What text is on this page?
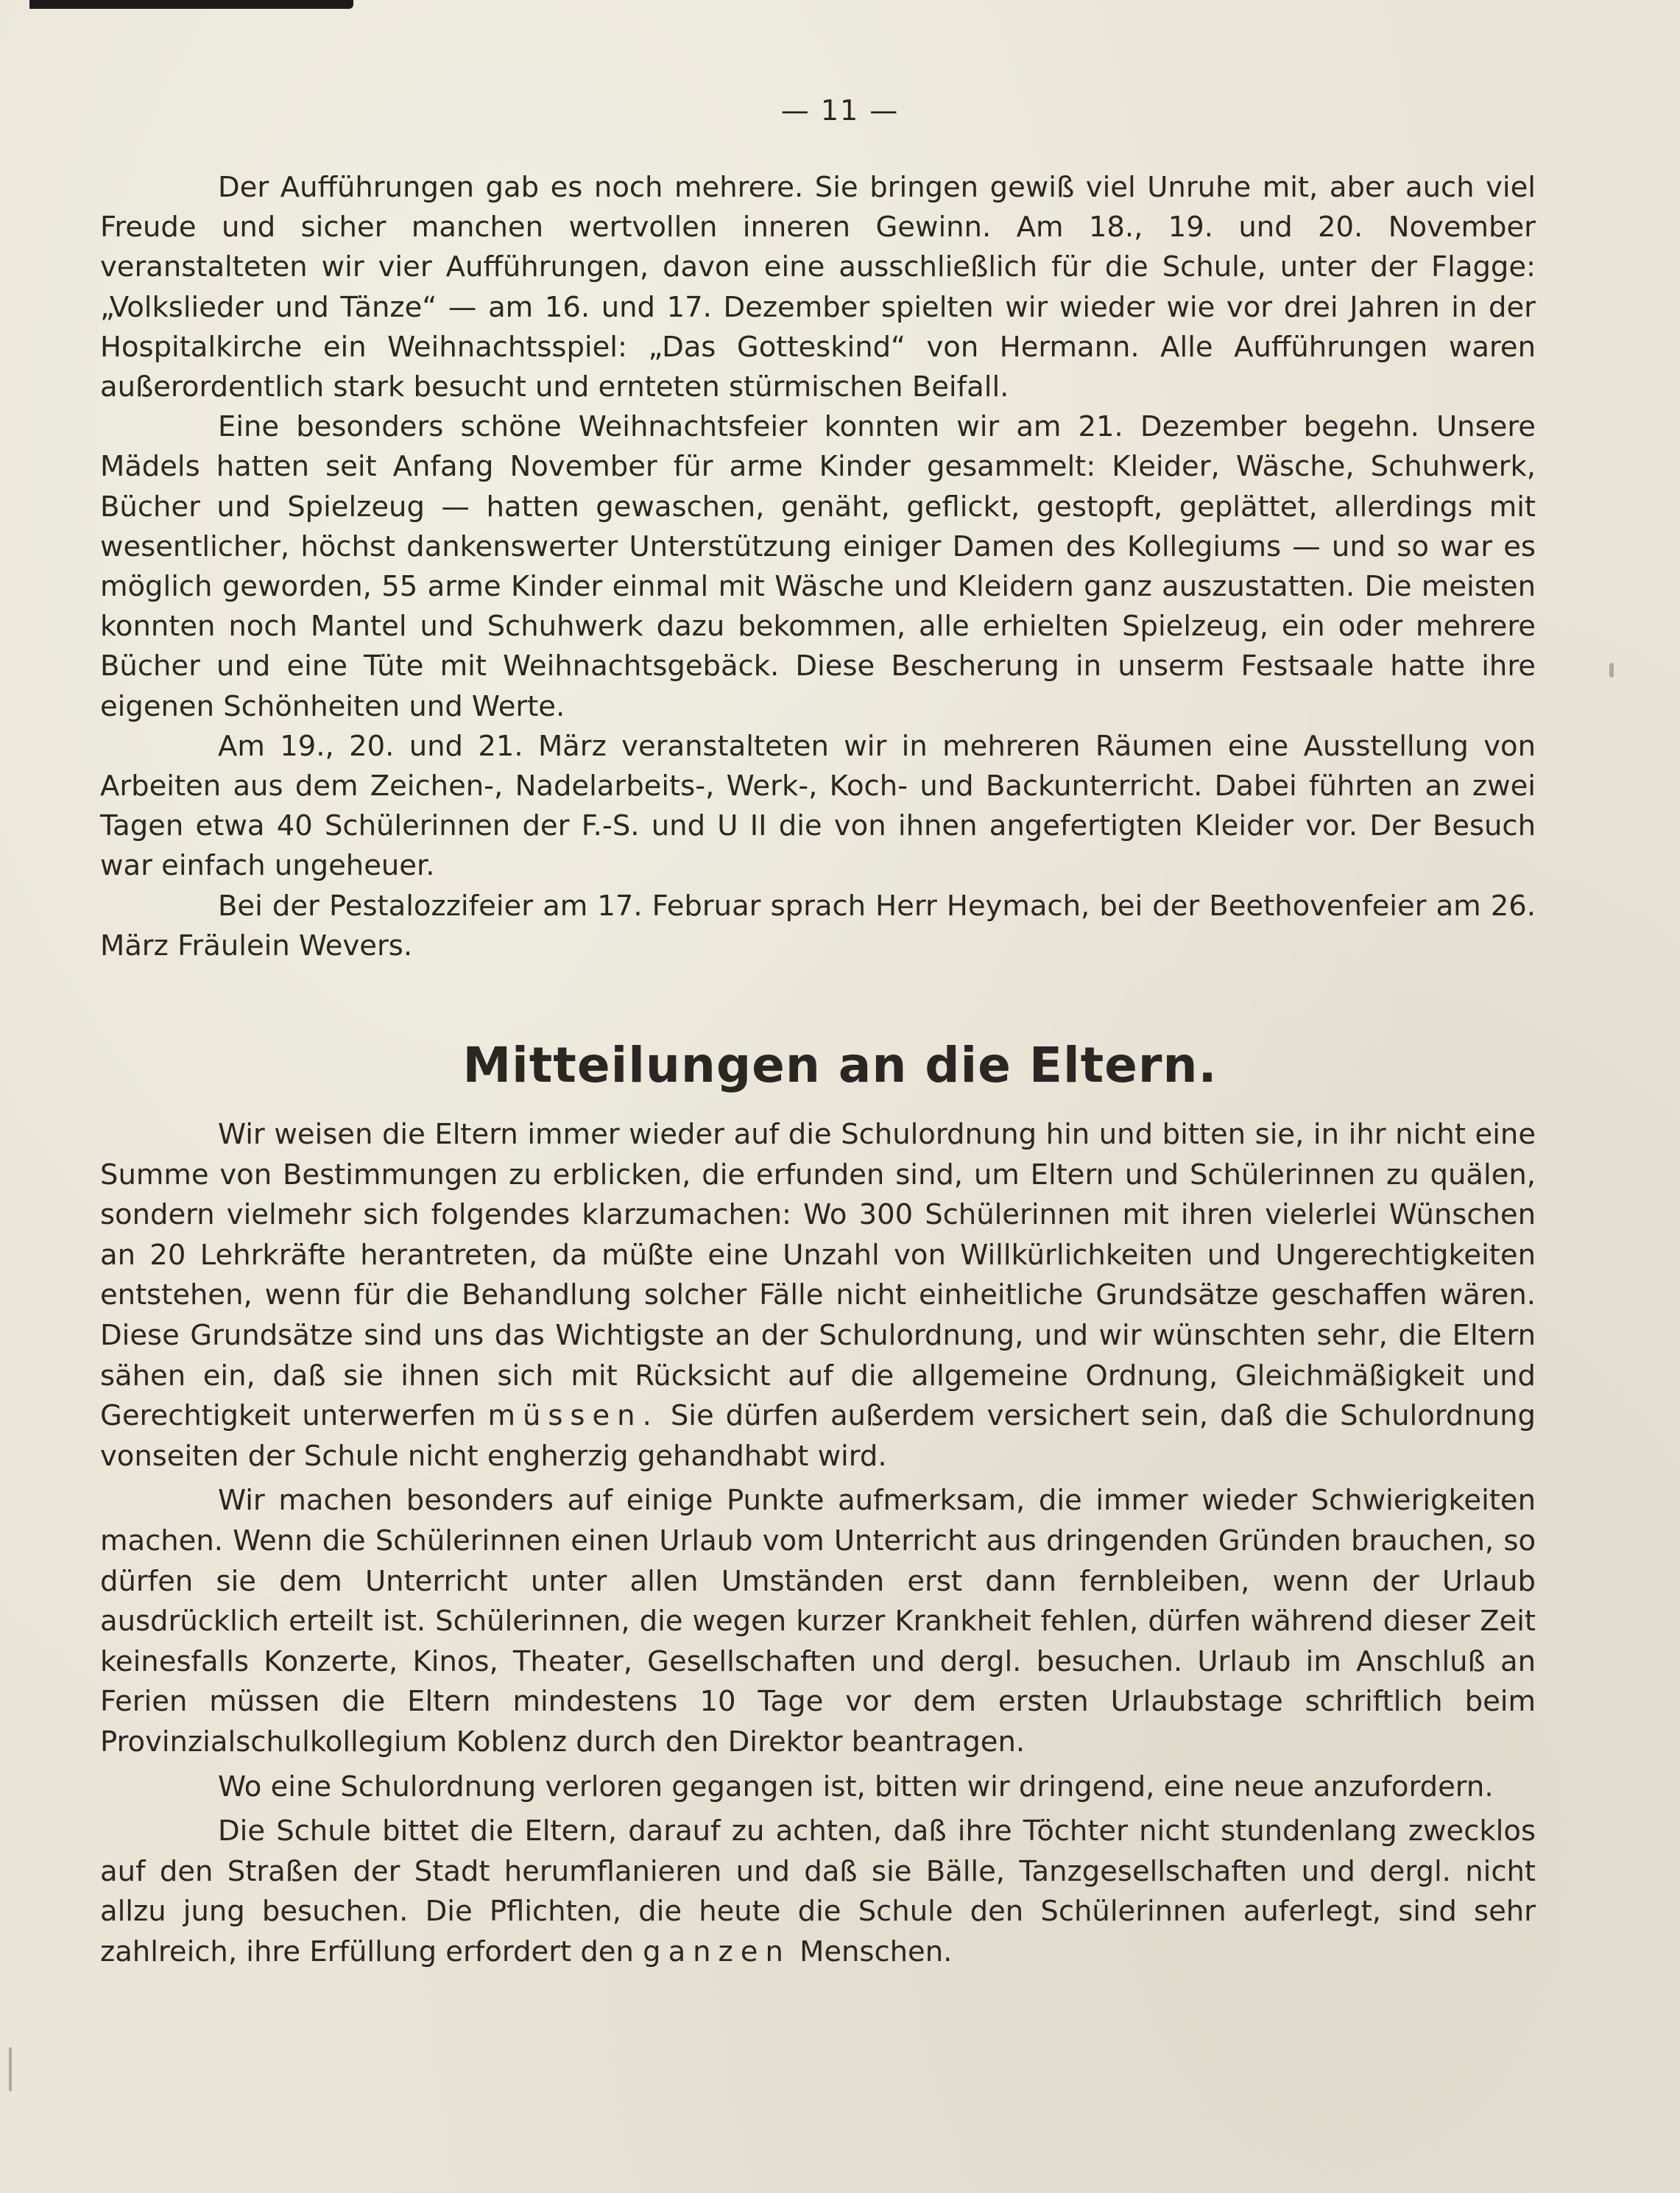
— 11 —

Der Aufführungen gab es noch mehrere. Sie bringen gewiß viel Unruhe mit, aber auch viel Freude und sicher manchen wertvollen inneren Gewinn. Am 18., 19. und 20. November veranstalteten wir vier Aufführungen, davon eine ausschließlich für die Schule, unter der Flagge: „Volkslieder und Tänze“ — am 16. und 17. Dezember spielten wir wieder wie vor drei Jahren in der Hospitalkirche ein Weihnachtsspiel: „Das Gotteskind“ von Hermann. Alle Aufführungen waren außerordentlich stark besucht und ernteten stürmischen Beifall.

Eine besonders schöne Weihnachtsfeier konnten wir am 21. Dezember begehn. Unsere Mädels hatten seit Anfang November für arme Kinder gesammelt: Kleider, Wäsche, Schuhwerk, Bücher und Spielzeug — hatten gewaschen, genäht, geflickt, gestopft, geplättet, allerdings mit wesentlicher, höchst dankenswerter Unterstützung einiger Damen des Kollegiums — und so war es möglich geworden, 55 arme Kinder einmal mit Wäsche und Kleidern ganz auszustatten. Die meisten konnten noch Mantel und Schuhwerk dazu bekommen, alle erhielten Spielzeug, ein oder mehrere Bücher und eine Tüte mit Weihnachtsgebäck. Diese Bescherung in unserm Festsaale hatte ihre eigenen Schönheiten und Werte.

Am 19., 20. und 21. März veranstalteten wir in mehreren Räumen eine Ausstellung von Arbeiten aus dem Zeichen-, Nadelarbeits-, Werk-, Koch- und Backunterricht. Dabei führten an zwei Tagen etwa 40 Schülerinnen der F.-S. und U II die von ihnen angefertigten Kleider vor. Der Besuch war einfach ungeheuer.

Bei der Pestalozzifeier am 17. Februar sprach Herr Heymach, bei der Beethovenfeier am 26. März Fräulein Wevers.

Mitteilungen an die Eltern.

Wir weisen die Eltern immer wieder auf die Schulordnung hin und bitten sie, in ihr nicht eine Summe von Bestimmungen zu erblicken, die erfunden sind, um Eltern und Schülerinnen zu quälen, sondern vielmehr sich folgendes klarzumachen: Wo 300 Schülerinnen mit ihren vielerlei Wünschen an 20 Lehrkräfte herantreten, da müßte eine Unzahl von Willkürlichkeiten und Ungerechtigkeiten entstehen, wenn für die Behandlung solcher Fälle nicht einheitliche Grundsätze geschaffen wären. Diese Grundsätze sind uns das Wichtigste an der Schulordnung, und wir wünschten sehr, die Eltern sähen ein, daß sie ihnen sich mit Rücksicht auf die allgemeine Ordnung, Gleichmäßigkeit und Gerechtigkeit unterwerfen müssen. Sie dürfen außerdem versichert sein, daß die Schulordnung vonseiten der Schule nicht engherzig gehandhabt wird.

Wir machen besonders auf einige Punkte aufmerksam, die immer wieder Schwierigkeiten machen. Wenn die Schülerinnen einen Urlaub vom Unterricht aus dringenden Gründen brauchen, so dürfen sie dem Unterricht unter allen Umständen erst dann fernbleiben, wenn der Urlaub ausdrücklich erteilt ist. Schülerinnen, die wegen kurzer Krankheit fehlen, dürfen während dieser Zeit keinesfalls Konzerte, Kinos, Theater, Gesellschaften und dergl. besuchen. Urlaub im Anschluß an Ferien müssen die Eltern mindestens 10 Tage vor dem ersten Urlaubstage schriftlich beim Provinzialschulkollegium Koblenz durch den Direktor beantragen.

Wo eine Schulordnung verloren gegangen ist, bitten wir dringend, eine neue anzufordern.

Die Schule bittet die Eltern, darauf zu achten, daß ihre Töchter nicht stundenlang zwecklos auf den Straßen der Stadt herumflanieren und daß sie Bälle, Tanzgesellschaften und dergl. nicht allzu jung besuchen. Die Pflichten, die heute die Schule den Schülerinnen auferlegt, sind sehr zahlreich, ihre Erfüllung erfordert den ganzen Menschen.
